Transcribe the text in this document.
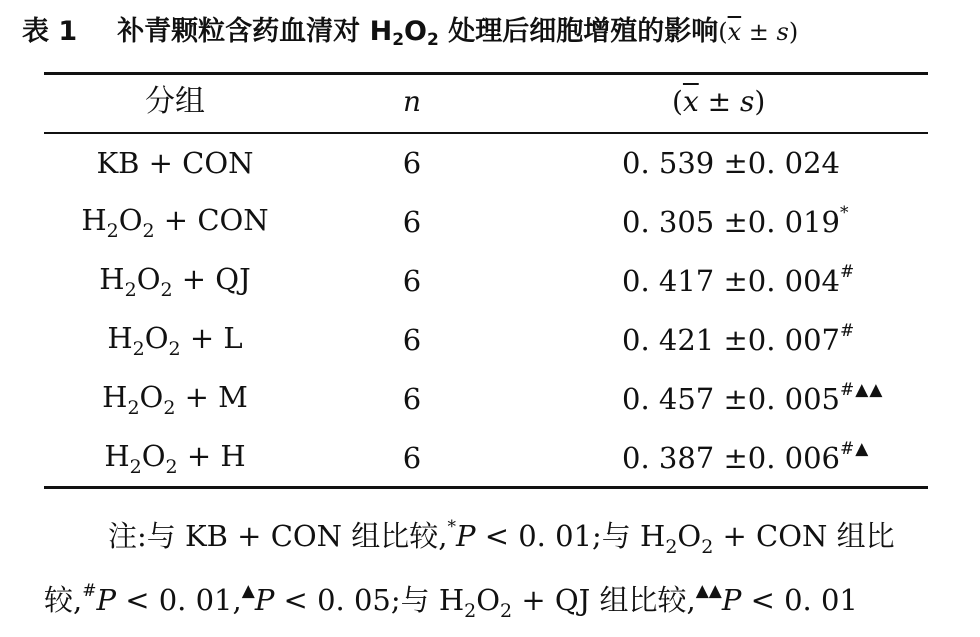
表 1 补青颗粒含药血清对 $H_2O_2$ 处理后细胞增殖的影响$(\overline{x} \pm s)$
分组	n	$(\overline{x} \pm s)$
KB + CON	6	0. 539 ±0. 024
$H_2O_2$ + CON	6	0. 305 ±0. 019*
$H_2O_2$ + QJ	6	0. 417 ±0. 004#
$H_2O_2 + L$	6	0. 421 ±0. 007#
$H_2O_2 + M$	6	0. 457 ±0. 005#▲▲
$H_2O_2 + H$	6	0. 387 ±0. 006#▲
注:与 KB + CON 组比较,*P < 0. 01;与 $H_2O_2$ + CON 组比
较,#P < 0. 01,▲P < 0. 05;与 $H_2O_2$ + QJ 组比较,▲▲P < 0. 01
